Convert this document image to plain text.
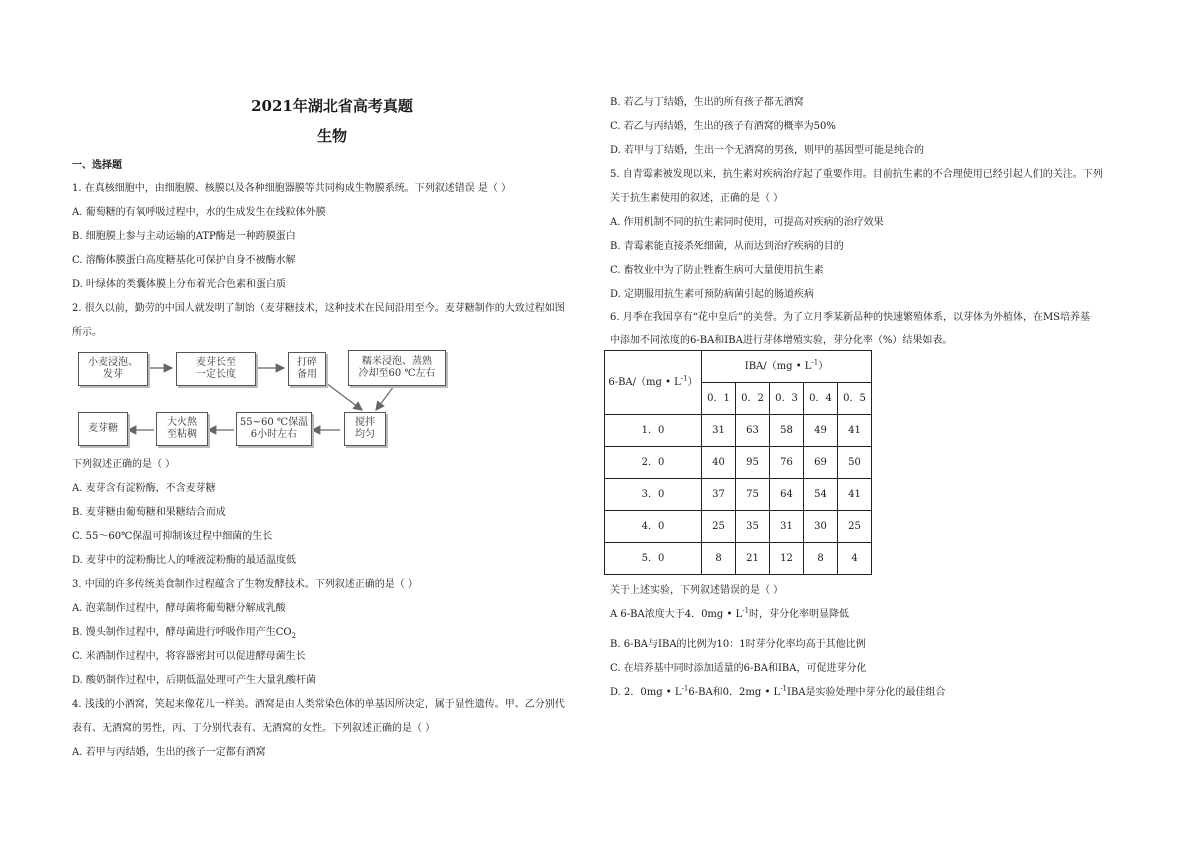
2021年湖北省高考真题
生物
一、选择题
1. 在真核细胞中，由细胞膜、核膜以及各种细胞器膜等共同构成生物膜系统。下列叙述错误 是（ ）
A. 葡萄糖的有氧呼吸过程中，水的生成发生在线粒体外膜
B. 细胞膜上参与主动运输的ATP酶是一种跨膜蛋白
C. 溶酶体膜蛋白高度糖基化可保护自身不被酶水解
D. 叶绿体的类囊体膜上分布着光合色素和蛋白质
2. 很久以前，勤劳的中国人就发明了制饴（麦芽糖技术，这种技术在民间沿用至今。麦芽糖制作的大致过程如图
所示。
小麦浸泡、
发芽
麦芽长至
一定长度
打碎
备用
糯米浸泡、蒸熟
冷却至60 ℃左右
搅拌
均匀
55~60 ℃保温
6小时左右
大火熬
至粘稠
麦芽糖
下列叙述正确的是（ ）
A. 麦芽含有淀粉酶，不含麦芽糖
B. 麦芽糖由葡萄糖和果糖结合而成
C. 55～60℃保温可抑制该过程中细菌的生长
D. 麦芽中的淀粉酶比人的唾液淀粉酶的最适温度低
3. 中国的许多传统美食制作过程蕴含了生物发酵技术。下列叙述正确的是（ ）
A. 泡菜制作过程中，酵母菌将葡萄糖分解成乳酸
B. 馒头制作过程中，酵母菌进行呼吸作用产生$CO_2$
C. 米酒制作过程中，将容器密封可以促进酵母菌生长
D. 酸奶制作过程中，后期低温处理可产生大量乳酸杆菌
4. 浅浅的小酒窝，笑起来像花儿一样美。酒窝是由人类常染色体的单基因所决定，属于显性遗传。甲、乙分别代
表有、无酒窝的男性，丙、丁分别代表有、无酒窝的女性。下列叙述正确的是（ ）
A. 若甲与丙结婚，生出的孩子一定都有酒窝
B. 若乙与丁结婚，生出的所有孩子都无酒窝
C. 若乙与丙结婚，生出的孩子有酒窝的概率为50%
D. 若甲与丁结婚，生出一个无酒窝的男孩，则甲的基因型可能是纯合的
5. 自青霉素被发现以来，抗生素对疾病治疗起了重要作用。目前抗生素的不合理使用已经引起人们的关注。下列
关于抗生素使用的叙述，正确的是（ ）
A. 作用机制不同的抗生素同时使用，可提高对疾病的治疗效果
B. 青霉素能直接杀死细菌，从而达到治疗疾病的目的
C. 畜牧业中为了防止牲畜生病可大量使用抗生素
D. 定期服用抗生素可预防病菌引起的肠道疾病
6. 月季在我国享有“花中皇后”的美誉。为了立月季某新品种的快速繁殖体系，以芽体为外植体，在MS培养基
中添加不同浓度的6-BA和IBA进行芽体增殖实验，芽分化率（%）结果如表。
6-BA/（mg • $L^{-1}$）	IBA/（mg • $L^{-1}$）				
	0．1	0．2	0．3	0．4	0．5
1．0	31	63	58	49	41
2．0	40	95	76	69	50
3．0	37	75	64	54	41
4．0	25	35	31	30	25
5．0	8	21	12	8	4
关于上述实验，下列叙述错误的是（ ）
A 6-BA浓度大于4．0mg • $L^{-1}$时，芽分化率明显降低
B. 6-BA与IBA的比例为10：1时芽分化率均高于其他比例
C. 在培养基中同时添加适量的6-BA和IBA，可促进芽分化
D. 2．0mg • $L^{-1}6-BA$和0．2mg • $L^{-1}IBA$是实验处理中芽分化的最佳组合
